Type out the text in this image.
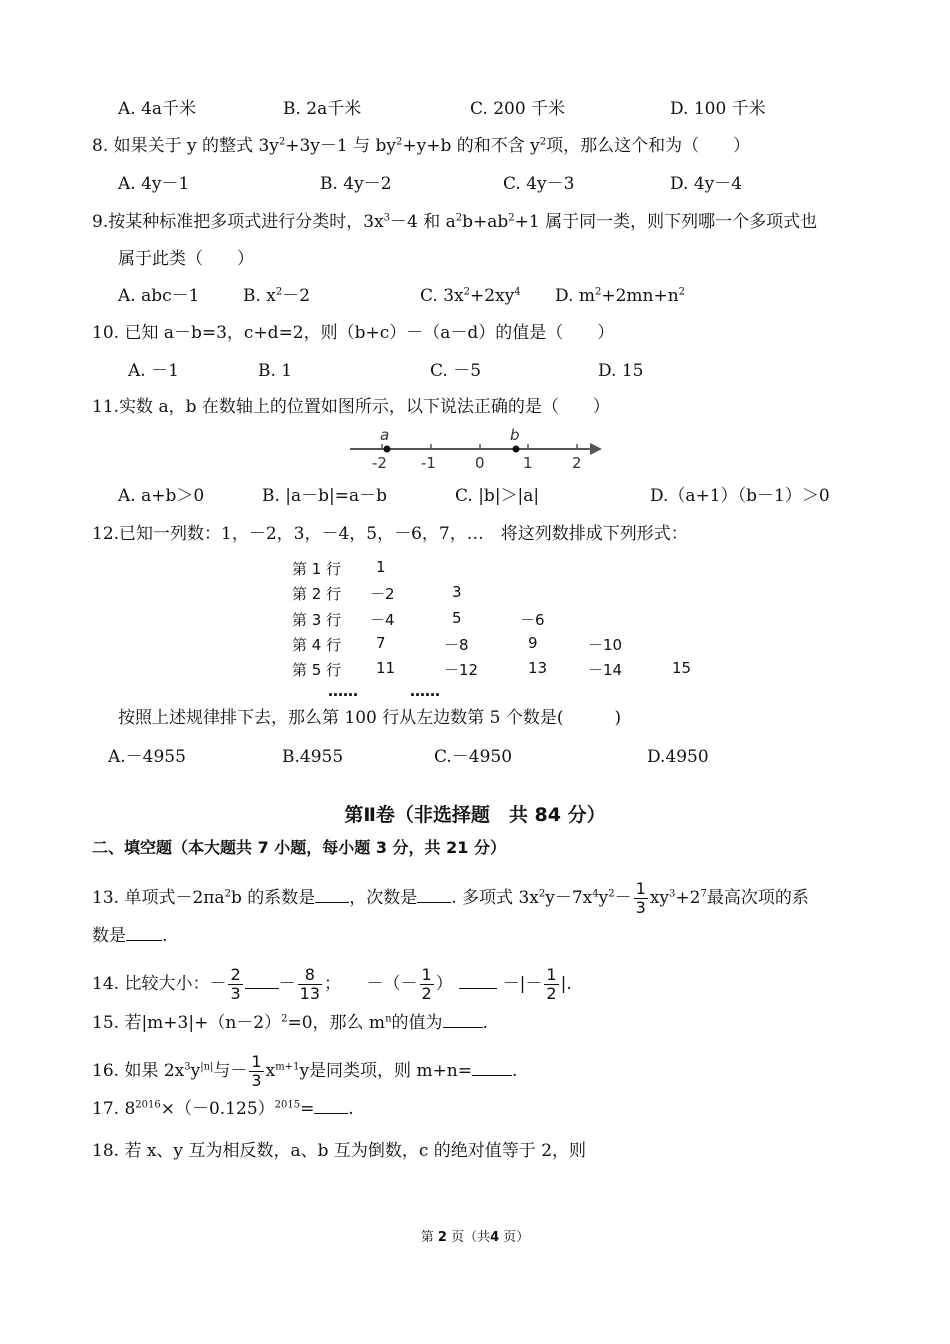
A. 4a千米	B. 2a千米	C. 200 千米	D. 100 千米
8. 如果关于 y 的整式 $3y^2+3y-1$ 与 $by^2+y+b$ 的和不含 $y^2$项，那么这个和为（　　）
A. 4y－1	B. 4y－2	C. 4y－3	D. 4y－4
9.按某种标准把多项式进行分类时，$3x^3-4$ 和 $a^2b+ab^2+1$ 属于同一类，则下列哪一个多项式也
属于此类（　　）
A. abc－1	B. $x^2-2$	C. $3x^2+2xy^4$ D. $m^2+2mn+n^2$
10. 已知 a－b=3，c+d=2，则（b+c）－（a－d）的值是（　　）
A. －1	B. 1	C. －5	D. 15
11.实数 a，b 在数轴上的位置如图所示，以下说法正确的是（　　）
-2 -1	0	1	2
a	b
A. a+b＞0	B. |a－b|=a－b	C. |b|＞|a|	D.（a+1）（b－1）＞0
12.已知一列数：1，－2，3，－4，5，－6，7，…　将这列数排成下列形式：
第 1 行 1
第 2 行 －2	3
第 3 行 －4	5	－6
第 4 行 7	－8	9	－10
第 5 行 11	－12	13	－14	15
……	……
按照上述规律排下去，那么第 100 行从左边数第 5 个数是(　　　)
A.－4955	B.4955	C.－4950	D.4950
第Ⅱ卷（非选择题　共 84 分）
二、填空题（本大题共 7 小题，每小题 3 分，共 21 分）
13. 单项式$-2\pi a^2b$ 的系数是 ，次数是 . 多项式 $3x^2y-7x^4y^2- \frac{1}{3} xy^3+2^7$最高次项的系
数是 .
14. 比较大小：－ $\frac{2}{3} - \frac{8}{13}$ ；　　－（－ $\frac{1}{2}$ ）	－|－ $\frac{1}{2}$ |.
15. 若$|m+3|+(n-2)^2=0$，那么 $m^n$的值为 .
16. 如果 $2x^3y^{|n|}$与－ $\frac{1}{3} x^{m+1}y$是同类项，则 m+n= .
17. $8^{2016}\times(-0.125)^{2015}=$ .
18. 若 x、y 互为相反数，a、b 互为倒数，c 的绝对值等于 2，则
第 2 页（共4 页）
